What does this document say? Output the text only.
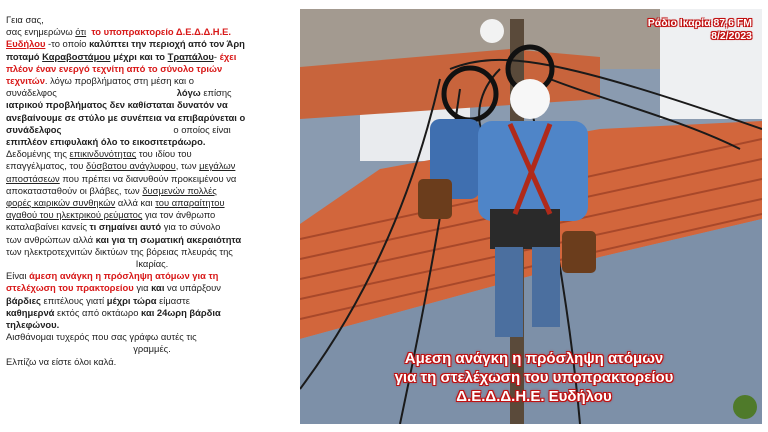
Γεια σας,

σας ενημερώνω ότι το υποπρακτορείο Δ.Ε.Δ.Δ.Η.Ε.

Ευδήλου -το οποίο καλύπτει την περιοχή από τον Άρη

ποταμό Καραβοστάμου μέχρι και το Τραπάλου- έχει

πλέον έναν ενεργό τεχνίτη από το σύνολο τριών

τεχνιτών. λόγω προβλήματος στη μέση και ο

συνάδελφος	λόγω επίσης

ιατρικού προβλήματος δεν καθίσταται δυνατόν να

ανεβαίνουμε σε στύλο με συνέπεια να επιβαρύνεται ο

συνάδελφος	ο οποίος είναι

επιπλέον επιφυλακή όλο το εικοσιτετράωρο.

Δεδομένης της επικινδυνότητας του ιδίου του

επαγγέλματος, του δύσβατου ανάγλυφου, των μεγάλων

αποστάσεων που πρέπει να διανυθούν προκειμένου να

αποκατασταθούν οι βλάβες, των δυσμενών πολλές

φορές καιρικών συνθηκών αλλά και του απαραίτητου

αγαθού του ηλεκτρικού ρεύματος για τον άνθρωπο

καταλαβαίνει κανείς τι σημαίνει αυτό για το σύνολο

των ανθρώπων αλλά και για τη σωματική ακεραιότητα

των ηλεκτροτεχνιτών δικτύων της βόρειας πλευράς της

Ικαρίας.

Είναι άμεση ανάγκη η πρόσληψη ατόμων για τη

στελέχωση του πρακτορείου για και να υπάρξουν

βάρδιες επιτέλους γιατί μέχρι τώρα είμαστε

καθημερνά εκτός από οκτάωρο και 24ωρη βάρδια

τηλεφώνου.

Αισθάνομαι τυχερός που σας γράφω αυτές τις

γραμμές.

Ελπίζω να είστε όλοι καλά.

Ράδιο Ικαρία 87,6 FM
8/2/2023
Αμεση ανάγκη η πρόσληψη ατόμων
για τη στελέχωση του υποπρακτορείου
Δ.Ε.Δ.Δ.Η.Ε. Ευδήλου
